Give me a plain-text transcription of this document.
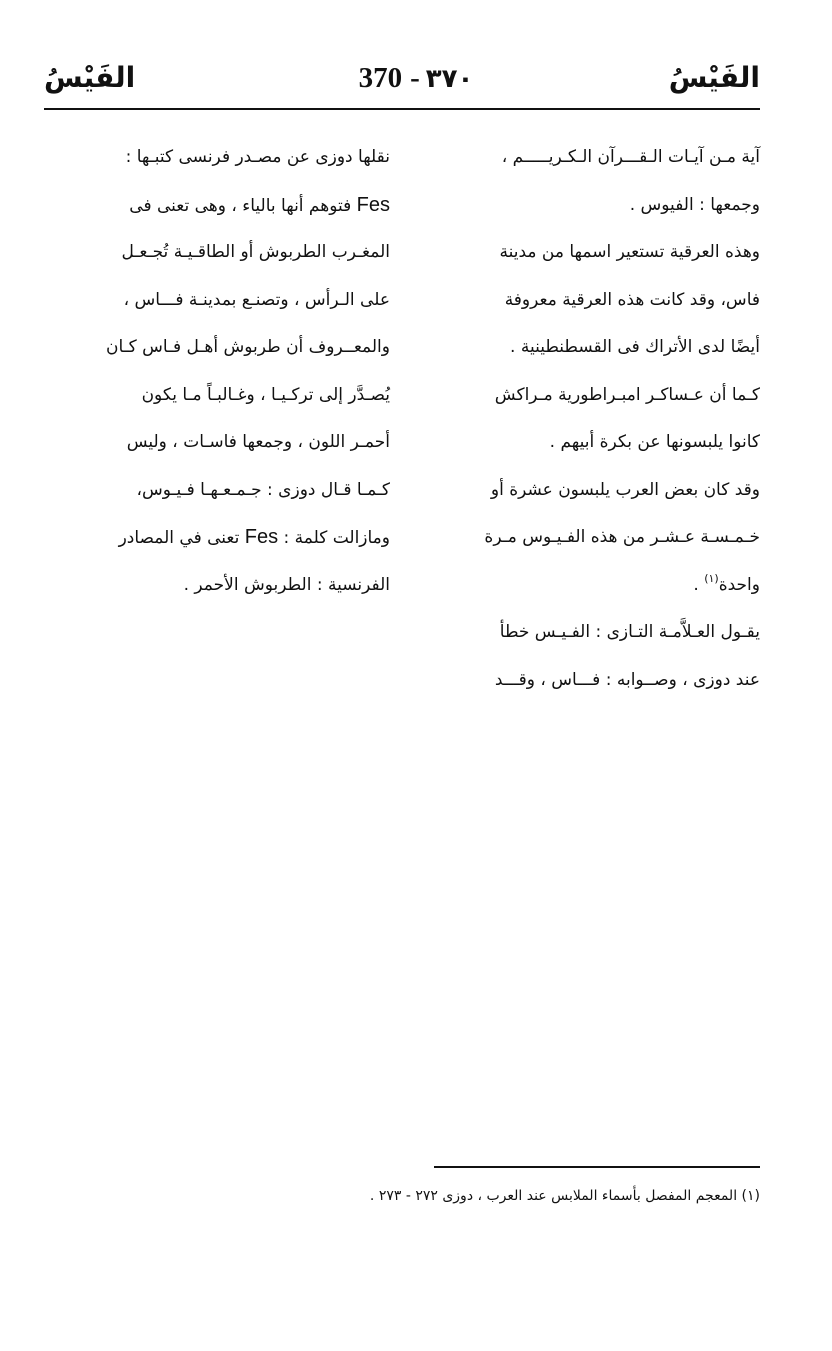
الفَيْسُ
370 - ٣٧٠
الفَيْسُ
آية مـن آيـات الـقـــرآن الـكـريـــــم ،
وجمعها : الفيوس .
وهذه العرقية تستعير اسمها من مدينة
فاس، وقد كانت هذه العرقية معروفة
أيضًا لدى الأتراك فى القسطنطينية .
كـما أن عـساكـر امبـراطورية مـراكش
كانوا يلبسونها عن بكرة أبيهم .
وقد كان بعض العرب يلبسون عشرة أو
خـمـسـة عـشـر من هذه الفـيـوس مـرة
واحدة$^{(١)}$ .
يقـول العـلاَّمـة التـازى : الفـيـس خطأ
عند دوزى ، وصــوابه : فـــاس ، وقـــد
نقلها دوزى عن مصـدر فرنسى كتبـها :
Fes فتوهم أنها بالياء ، وهى تعنى فى
المغـرب الطربوش أو الطاقـيـة تُجـعـل
على الـرأس ، وتصنـع بمدينـة فـــاس ،
والمعــروف أن طربوش أهـل فـاس كـان
يُصـدَّر إلى تركـيـا ، وغـالبـاً مـا يكون
أحمـر اللون ، وجمعها فاسـات ، وليس
كـمـا قـال دوزى : جـمـعـهـا فـيـوس،
ومازالت كلمة : Fes تعنى في المصادر
الفرنسية : الطربوش الأحمر .
(١) المعجم المفصل بأسماء الملابس عند العرب ، دوزى ٢٧٢ - ٢٧٣ .
